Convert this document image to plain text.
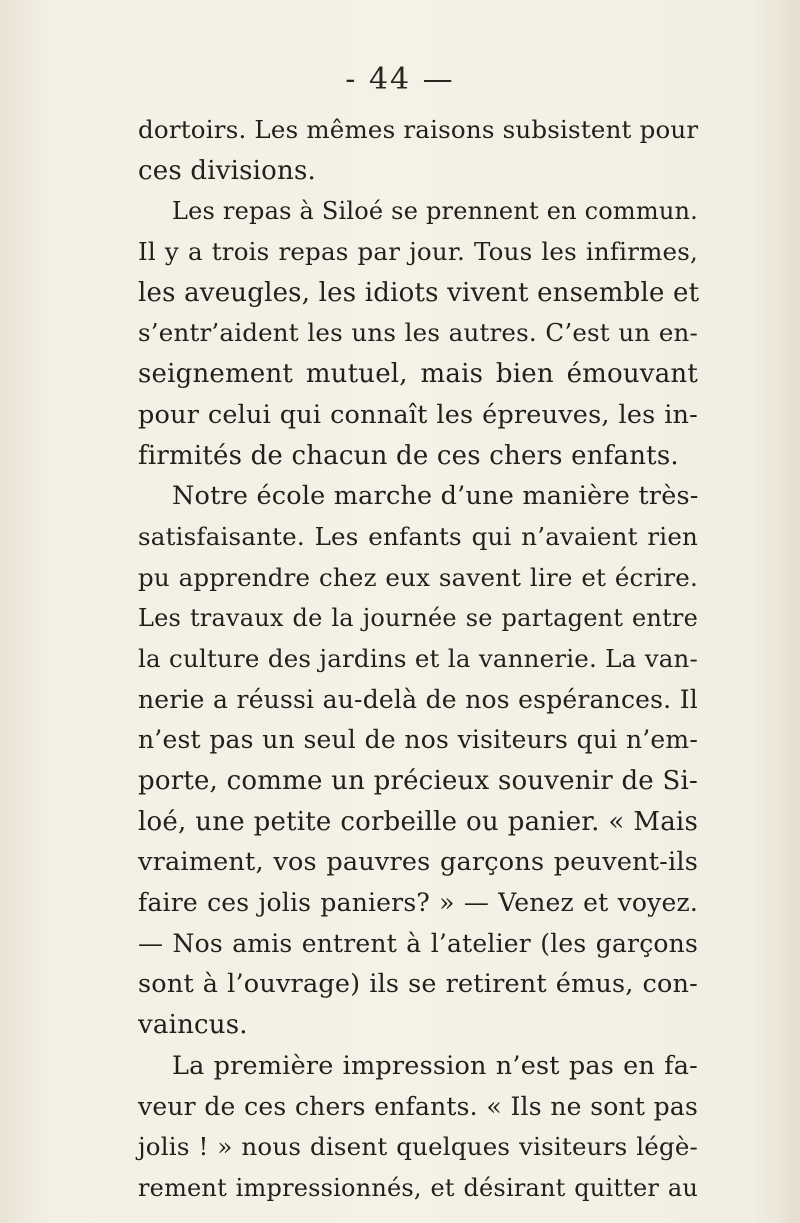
- 44 —
dortoirs. Les mêmes raisons subsistent pour
ces divisions.
Les repas à Siloé se prennent en commun.
Il y a trois repas par jour. Tous les infirmes,
les aveugles, les idiots vivent ensemble et
s’entr’aident les uns les autres. C’est un en-
seignement mutuel, mais bien émouvant
pour celui qui connaît les épreuves, les in-
firmités de chacun de ces chers enfants.
Notre école marche d’une manière très-
satisfaisante. Les enfants qui n’avaient rien
pu apprendre chez eux savent lire et écrire.
Les travaux de la journée se partagent entre
la culture des jardins et la vannerie. La van-
nerie a réussi au-delà de nos espérances. Il
n’est pas un seul de nos visiteurs qui n’em-
porte, comme un précieux souvenir de Si-
loé, une petite corbeille ou panier. « Mais
vraiment, vos pauvres garçons peuvent-ils
faire ces jolis paniers? » — Venez et voyez.
— Nos amis entrent à l’atelier (les garçons
sont à l’ouvrage) ils se retirent émus, con-
vaincus.
La première impression n’est pas en fa-
veur de ces chers enfants. « Ils ne sont pas
jolis ! » nous disent quelques visiteurs légè-
rement impressionnés, et désirant quitter au
